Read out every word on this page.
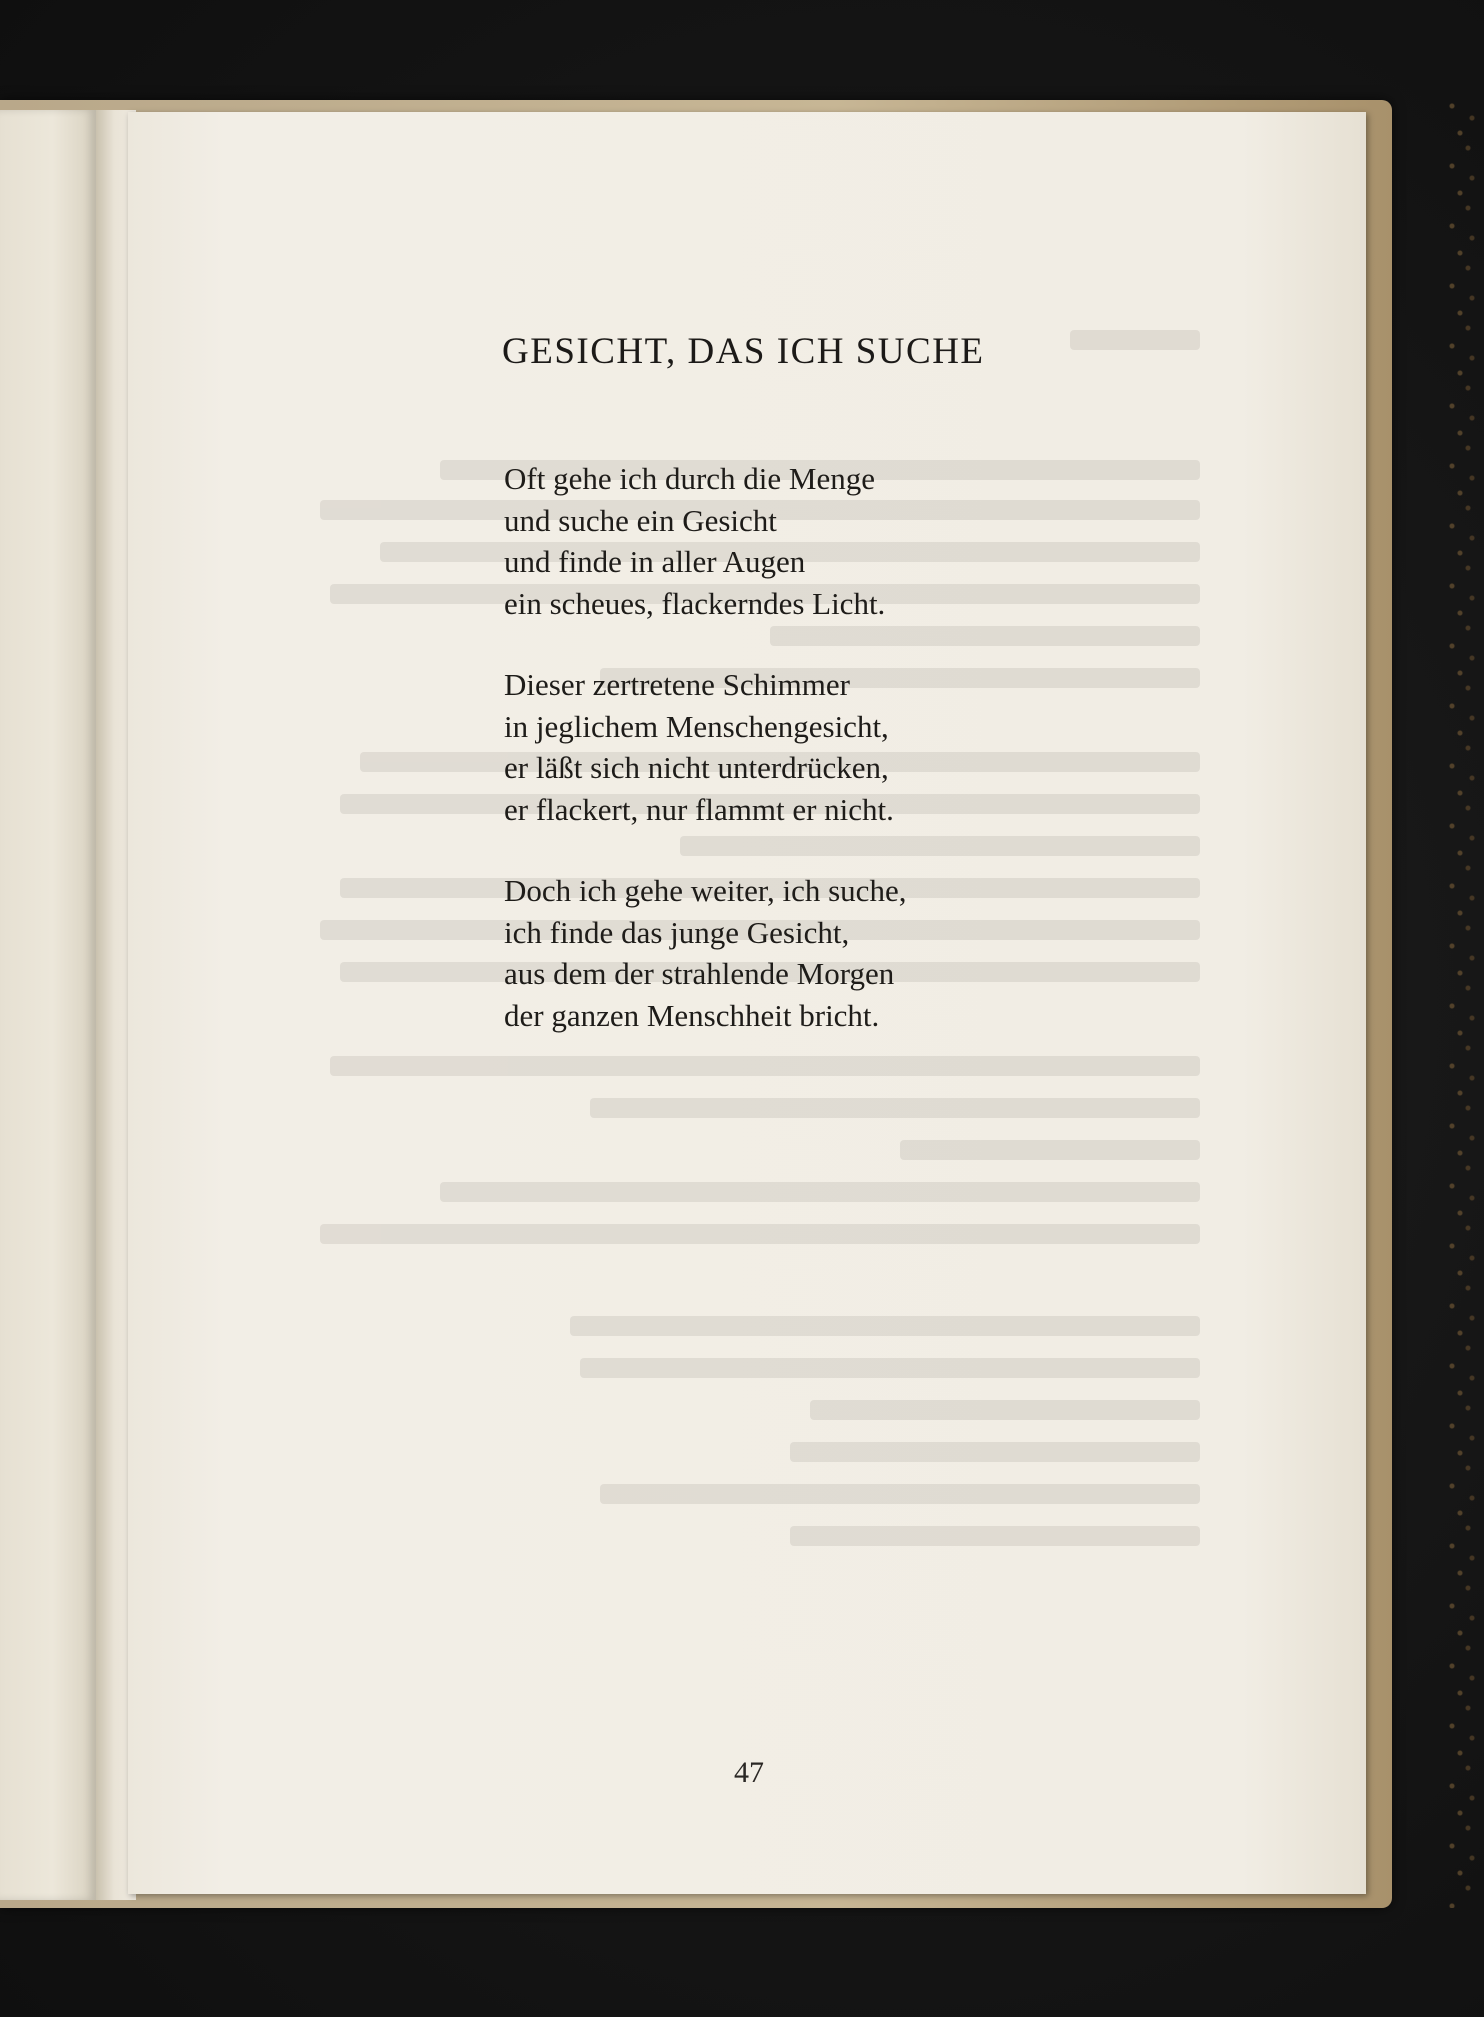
GESICHT, DAS ICH SUCHE

Oft gehe ich durch die Menge
und suche ein Gesicht
und finde in aller Augen
ein scheues, flackerndes Licht.

Dieser zertretene Schimmer
in jeglichem Menschengesicht,
er läßt sich nicht unterdrücken,
er flackert, nur flammt er nicht.

Doch ich gehe weiter, ich suche,
ich finde das junge Gesicht,
aus dem der strahlende Morgen
der ganzen Menschheit bricht.

47
